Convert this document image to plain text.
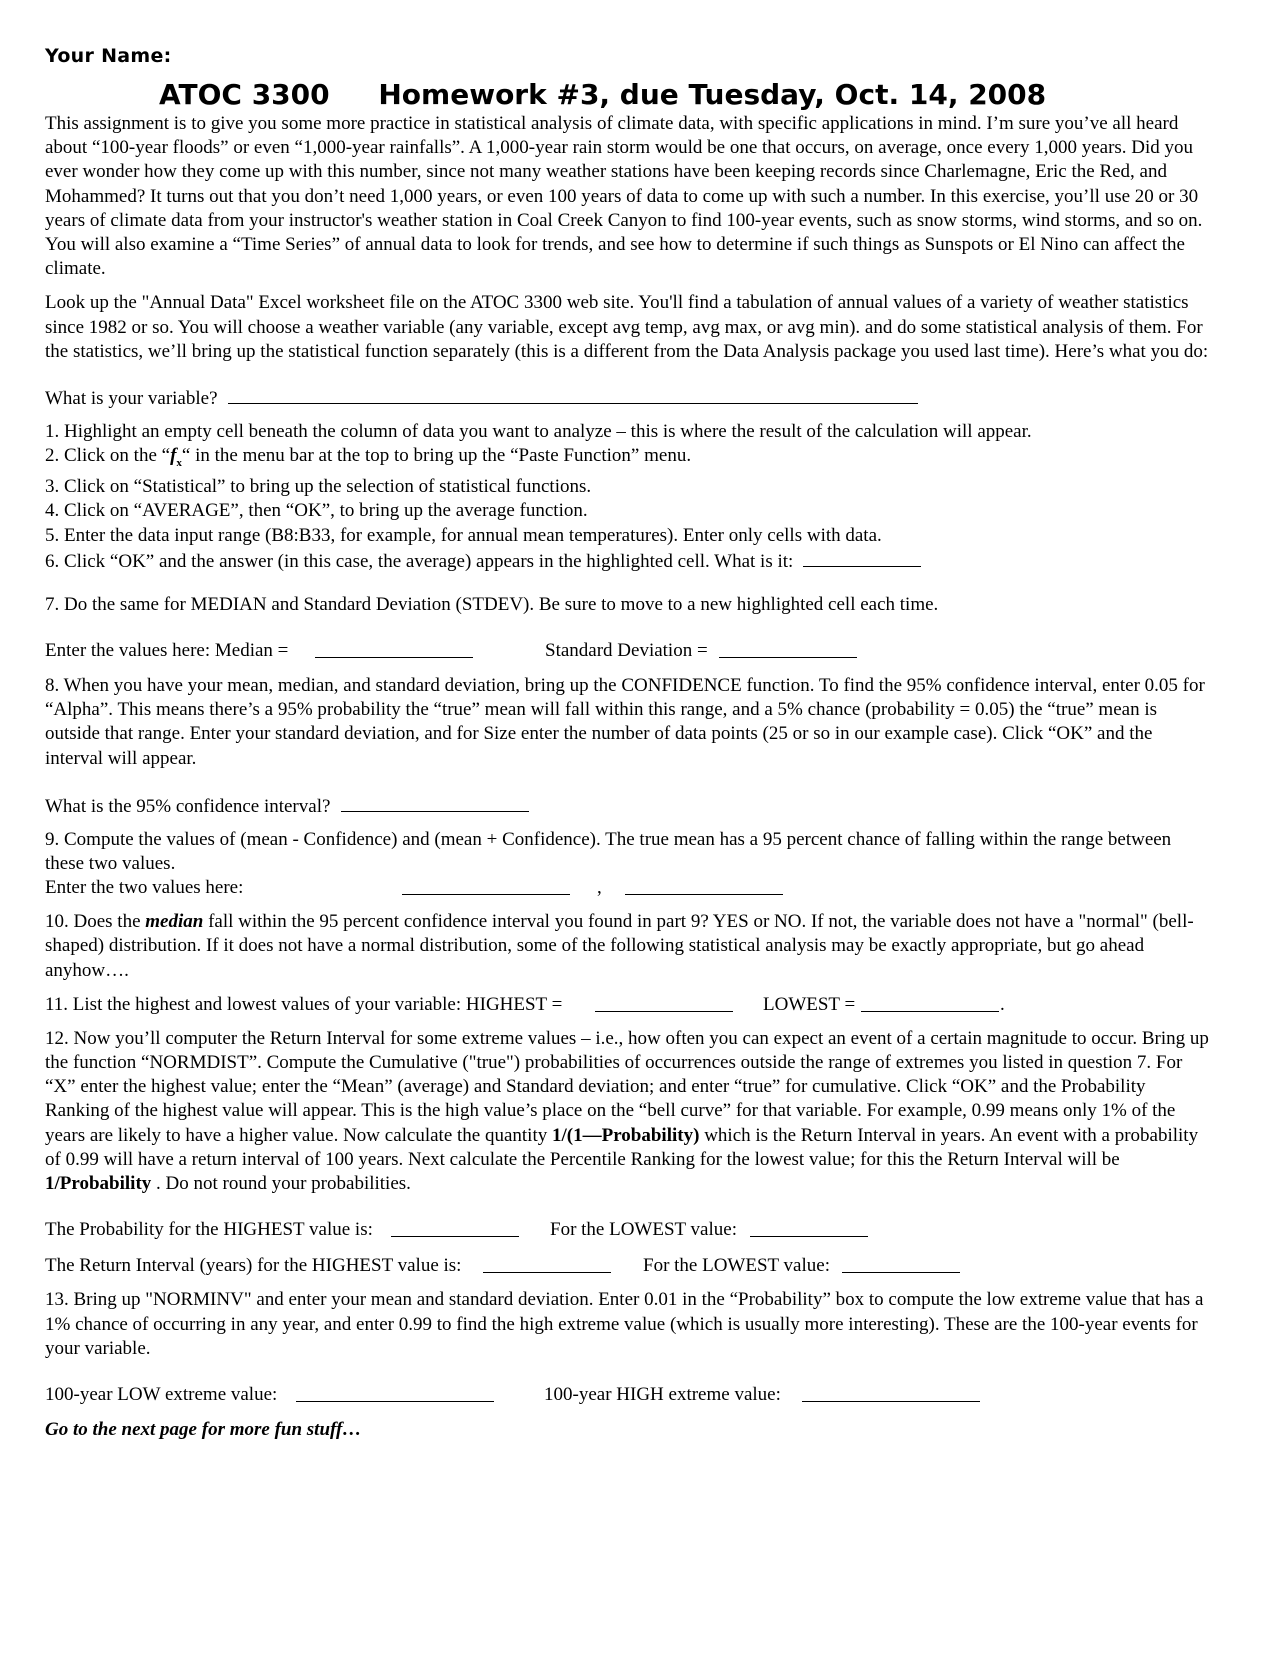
Your Name:
ATOC 3300     Homework #3, due Tuesday, Oct. 14, 2008

This assignment is to give you some more practice in statistical analysis of climate data, with specific applications in mind. I’m sure you’ve all heard about “100-year floods” or even “1,000-year rainfalls”. A 1,000-year rain storm would be one that occurs, on average, once every 1,000 years. Did you ever wonder how they come up with this number, since not many weather stations have been keeping records since Charlemagne, Eric the Red, and Mohammed? It turns out that you don’t need 1,000 years, or even 100 years of data to come up with such a number. In this exercise, you’ll use 20 or 30 years of climate data from your instructor's weather station in Coal Creek Canyon to find 100-year events, such as snow storms, wind storms, and so on. You will also examine a “Time Series” of annual data to look for trends, and see how to determine if such things as Sunspots or El Nino can affect the climate.

Look up the "Annual Data" Excel worksheet file on the ATOC 3300 web site. You'll find a tabulation of annual values of a variety of weather statistics since 1982 or so. You will choose a weather variable (any variable, except avg temp, avg max, or avg min). and do some statistical analysis of them. For the statistics, we’ll bring up the statistical function separately (this is a different from the Data Analysis package you used last time). Here’s what you do:

What is your variable?

1. Highlight an empty cell beneath the column of data you want to analyze – this is where the result of the calculation will appear.

2. Click on the “$f_x“$ in the menu bar at the top to bring up the “Paste Function” menu.

3. Click on “Statistical” to bring up the selection of statistical functions.

4. Click on “AVERAGE”, then “OK”, to bring up the average function.

5. Enter the data input range (B8:B33, for example, for annual mean temperatures). Enter only cells with data.

6. Click “OK” and the answer (in this case, the average) appears in the highlighted cell. What is it:

7. Do the same for MEDIAN and Standard Deviation (STDEV). Be sure to move to a new highlighted cell each time.

Enter the values here: Median =	Standard Deviation =

8. When you have your mean, median, and standard deviation, bring up the CONFIDENCE function. To find the 95% confidence interval, enter 0.05 for “Alpha”. This means there’s a 95% probability the “true” mean will fall within this range, and a 5% chance (probability = 0.05) the “true” mean is outside that range. Enter your standard deviation, and for Size enter the number of data points (25 or so in our example case). Click “OK” and the interval will appear.

What is the 95% confidence interval?

9. Compute the values of (mean - Confidence) and (mean + Confidence). The true mean has a 95 percent chance of falling within the range between these two values.

Enter the two values here:	,

10. Does the median fall within the 95 percent confidence interval you found in part 9? YES or NO. If not, the variable does not have a "normal" (bell-shaped) distribution. If it does not have a normal distribution, some of the following statistical analysis may be exactly appropriate, but go ahead anyhow….

11. List the highest and lowest values of your variable: HIGHEST =	LOWEST =	.

12. Now you’ll computer the Return Interval for some extreme values – i.e., how often you can expect an event of a certain magnitude to occur. Bring up the function “NORMDIST”. Compute the Cumulative ("true") probabilities of occurrences outside the range of extremes you listed in question 7. For “X” enter the highest value; enter the “Mean” (average) and Standard deviation; and enter “true” for cumulative. Click “OK” and the Probability Ranking of the highest value will appear. This is the high value’s place on the “bell curve” for that variable. For example, 0.99 means only 1% of the years are likely to have a higher value. Now calculate the quantity 1/(1—Probability) which is the Return Interval in years. An event with a probability of 0.99 will have a return interval of 100 years. Next calculate the Percentile Ranking for the lowest value; for this the Return Interval will be 1/Probability . Do not round your probabilities.

The Probability for the HIGHEST value is:	For the LOWEST value:
The Return Interval (years) for the HIGHEST value is:	For the LOWEST value:

13. Bring up "NORMINV" and enter your mean and standard deviation. Enter 0.01 in the “Probability” box to compute the low extreme value that has a 1% chance of occurring in any year, and enter 0.99 to find the high extreme value (which is usually more interesting). These are the 100-year events for your variable.

100-year LOW extreme value:	100-year HIGH extreme value:

Go to the next page for more fun stuff…
